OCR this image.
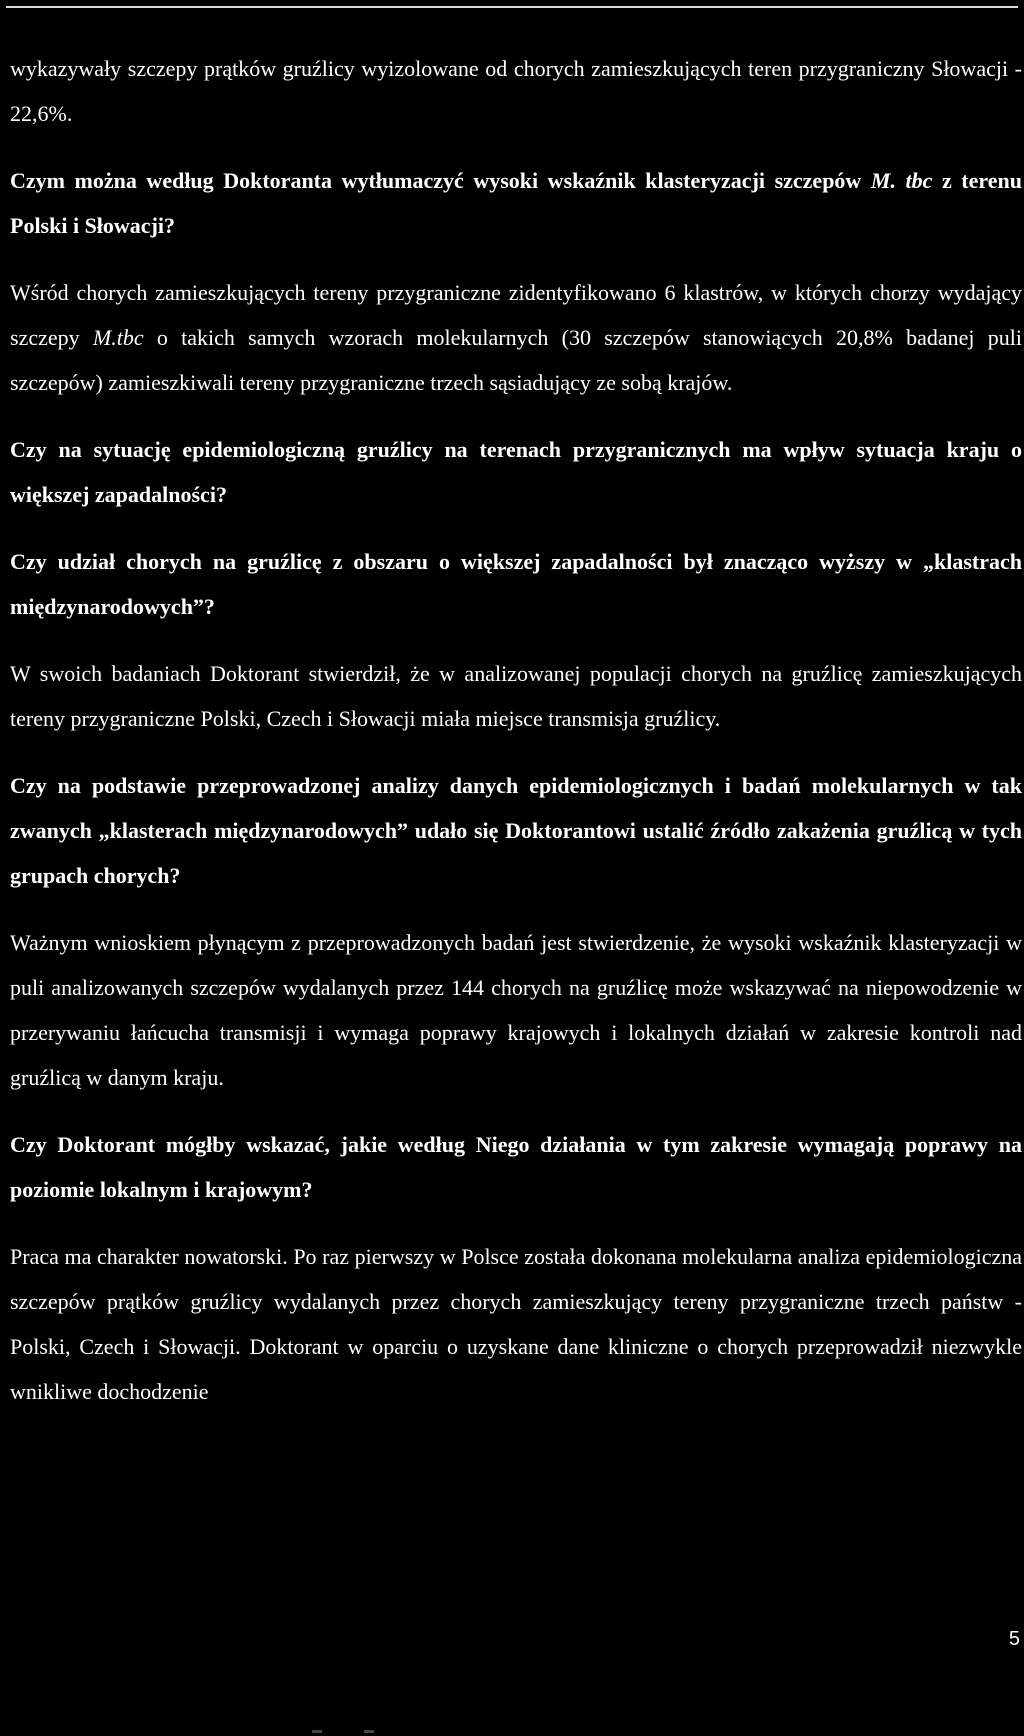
wykazywały szczepy prątków gruźlicy wyizolowane od chorych zamieszkujących teren przygraniczny Słowacji - 22,6%.

Czym można według Doktoranta wytłumaczyć wysoki wskaźnik klasteryzacji szczepów M. tbc z terenu Polski i Słowacji?

Wśród chorych zamieszkujących tereny przygraniczne zidentyfikowano 6 klastrów, w których chorzy wydający szczepy M.tbc o takich samych wzorach molekularnych (30 szczepów stanowiących 20,8% badanej puli szczepów) zamieszkiwali tereny przygraniczne trzech sąsiadujący ze sobą krajów.

Czy na sytuację epidemiologiczną gruźlicy na terenach przygranicznych ma wpływ sytuacja kraju o większej zapadalności?

Czy udział chorych na gruźlicę z obszaru o większej zapadalności był znacząco wyższy w „klastrach międzynarodowych”?

W swoich badaniach Doktorant stwierdził, że w analizowanej populacji chorych na gruźlicę zamieszkujących tereny przygraniczne Polski, Czech i Słowacji miała miejsce transmisja gruźlicy.

Czy na podstawie przeprowadzonej analizy danych epidemiologicznych i badań molekularnych w tak zwanych „klasterach międzynarodowych” udało się Doktorantowi ustalić źródło zakażenia gruźlicą w tych grupach chorych?

Ważnym wnioskiem płynącym z przeprowadzonych badań jest stwierdzenie, że wysoki wskaźnik klasteryzacji w puli analizowanych szczepów wydalanych przez 144 chorych na gruźlicę może wskazywać na niepowodzenie w przerywaniu łańcucha transmisji i wymaga poprawy krajowych i lokalnych działań w zakresie kontroli nad gruźlicą w danym kraju.

Czy Doktorant mógłby wskazać, jakie według Niego działania w tym zakresie wymagają poprawy na poziomie lokalnym i krajowym?

Praca ma charakter nowatorski. Po raz pierwszy w Polsce została dokonana molekularna analiza epidemiologiczna szczepów prątków gruźlicy wydalanych przez chorych zamieszkujący tereny przygraniczne trzech państw - Polski, Czech i Słowacji. Doktorant w oparciu o uzyskane dane kliniczne o chorych przeprowadził niezwykle wnikliwe dochodzenie

5
